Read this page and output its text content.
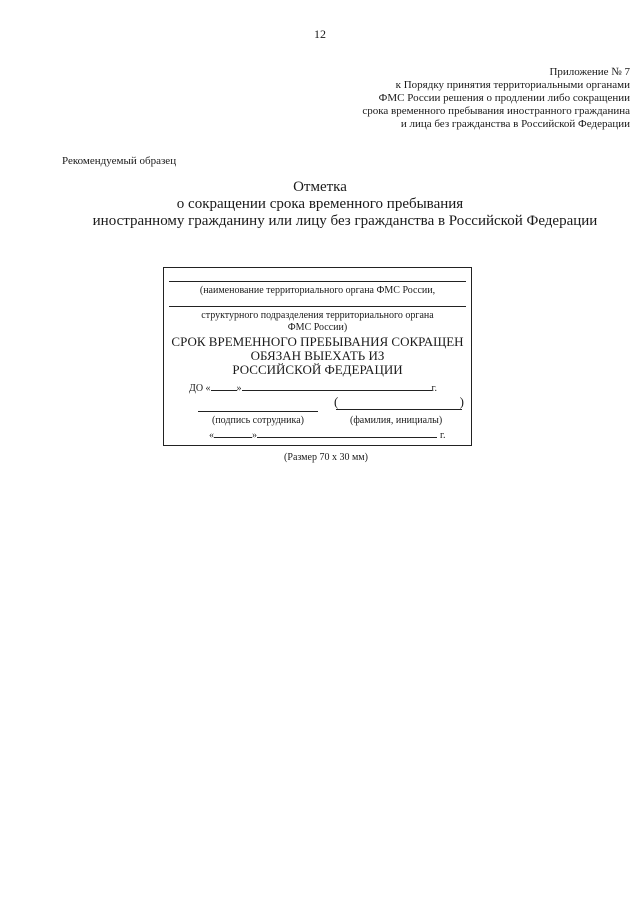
12
Приложение № 7
к Порядку принятия территориальными органами
ФМС России решения о продлении либо сокращении
срока временного пребывания иностранного гражданина
и лица без гражданства в Российской Федерации
Рекомендуемый образец
Отметка
о сокращении срока временного пребывания
иностранному гражданину или лицу без гражданства в Российской Федерации
(наименование территориального органа ФМС России,
структурного подразделения территориального органа
ФМС России)
СРОК ВРЕМЕННОГО ПРЕБЫВАНИЯ СОКРАЩЕН
ОБЯЗАН ВЫЕХАТЬ ИЗ
РОССИЙСКОЙ ФЕДЕРАЦИИ
ДО «	»	г.
(	)
(подпись сотрудника)	(фамилия, инициалы)
«	»	г.
(Размер 70 х 30 мм)
